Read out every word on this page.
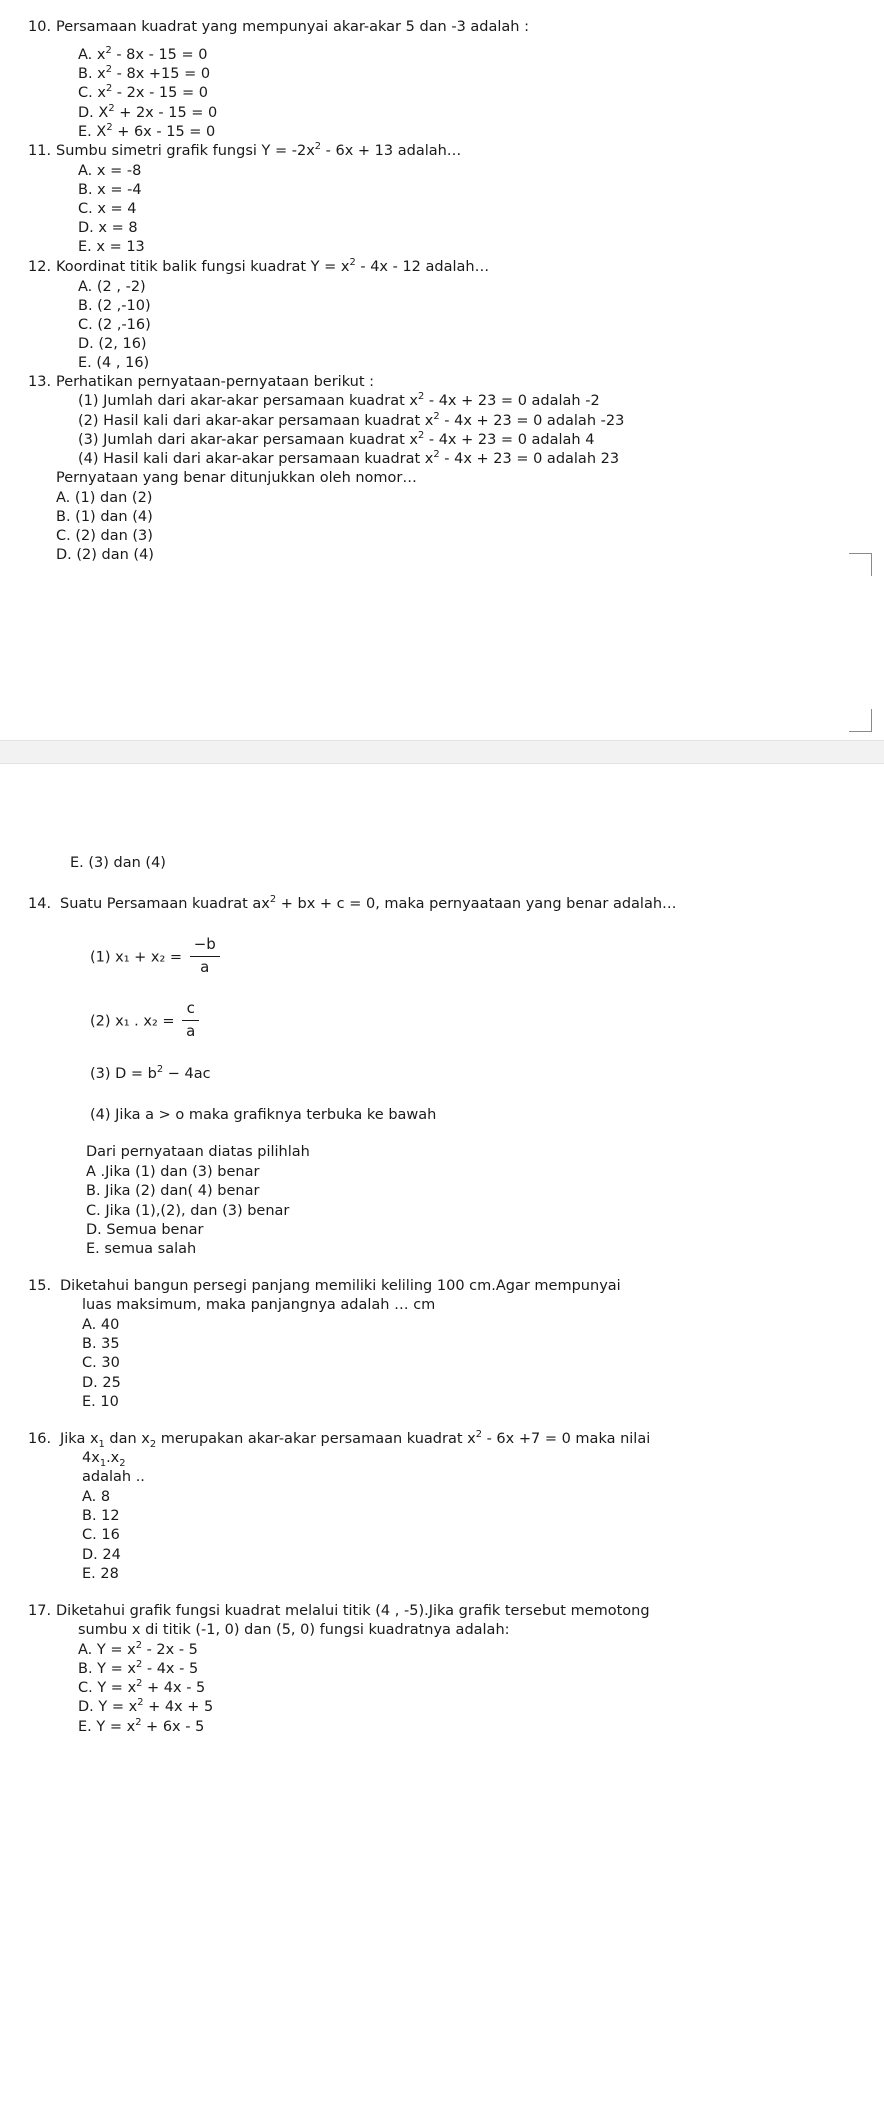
10. Persamaan kuadrat yang mempunyai akar-akar 5 dan -3 adalah :
A. $x^2 - 8x - 15 = 0$
B. $x^2 - 8x +15 = 0$
C. $x^2 - 2x - 15 = 0$
D. $X^2 + 2x - 15 = 0$
E. $X^2 + 6x - 15 = 0$
11. Sumbu simetri grafik fungsi $Y = -2x^2 - 6x + 13$ adalah…
A. x = -8
B. x = -4
C. x = 4
D. x = 8
E. x = 13
12. Koordinat titik balik fungsi kuadrat $Y = x^2 - 4x - 12$ adalah…
A. (2 , -2)
B. (2 ,-10)
C. (2 ,-16)
D. (2, 16)
E. (4 , 16)
13. Perhatikan pernyataan-pernyataan berikut :
(1) Jumlah dari akar-akar persamaan kuadrat $x^2 - 4x + 23 = 0$ adalah -2
(2) Hasil kali dari akar-akar persamaan kuadrat $x^2 - 4x + 23 = 0$ adalah -23
(3) Jumlah dari akar-akar persamaan kuadrat $x^2 - 4x + 23 = 0$ adalah 4
(4) Hasil kali dari akar-akar persamaan kuadrat $x^2 - 4x + 23 = 0$ adalah 23
Pernyataan yang benar ditunjukkan oleh nomor…
A. (1) dan (2)
B. (1) dan (4)
C. (2) dan (3)
D. (2) dan (4)
E. (3) dan (4)
14. Suatu Persamaan kuadrat $ax^2$ + bx + c = 0, maka pernyaataan yang benar adalah…
(1) $x_1 + x_2 = \frac{-b}{a}$
(2) x₁ . $x_2 = \frac{c}{a}$
(3) $D = b^2 - 4ac$
(4) Jika a > o maka grafiknya terbuka ke bawah
Dari pernyataan diatas pilihlah
A .Jika (1) dan (3) benar
B. Jika (2) dan( 4) benar
C. Jika (1),(2), dan (3) benar
D. Semua benar
E. semua salah
15. Diketahui bangun persegi panjang memiliki keliling 100 cm.Agar mempunyai
luas maksimum, maka panjangnya adalah … cm
A. 40
B. 35
C. 30
D. 25
E. 10
16. Jika $x_1$ dan $x_2$ merupakan akar-akar persamaan kuadrat $x^2 - 6x +7 = 0$ maka nilai
$4x_1.x_2$
adalah ..
A. 8
B. 12
C. 16
D. 24
E. 28
17. Diketahui grafik fungsi kuadrat melalui titik (4 , -5).Jika grafik tersebut memotong
sumbu x di titik (-1, 0) dan (5, 0) fungsi kuadratnya adalah:
A. $Y = x^2 - 2x - 5$
B. $Y = x^2 - 4x - 5$
C. $Y = x^2 + 4x - 5$
D. $Y = x^2 + 4x + 5$
E. $Y = x^2 + 6x - 5$
